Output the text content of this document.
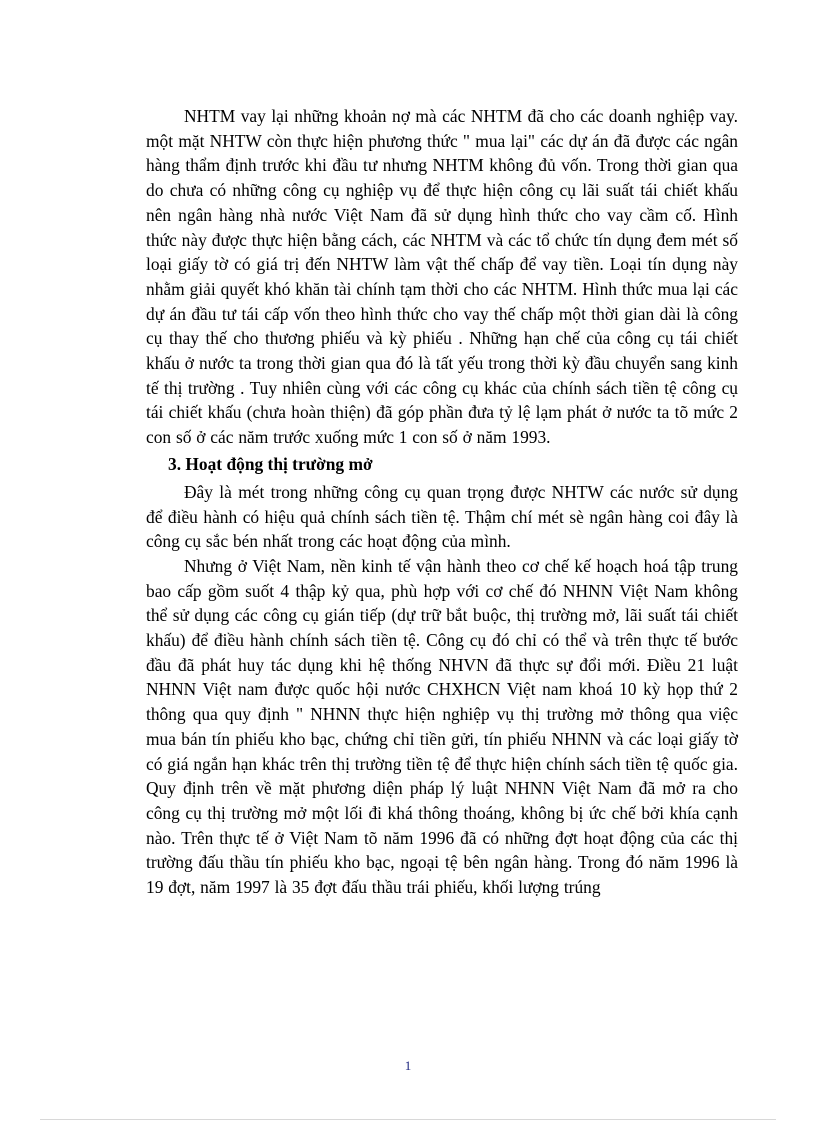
NHTM vay lại những khoản nợ mà các NHTM đã cho các doanh nghiệp vay. một mặt NHTW còn thực hiện phương thức " mua lại" các dự án đã được các ngân hàng thẩm định trước khi đầu tư nhưng NHTM không đủ vốn. Trong thời gian qua do chưa có những công cụ nghiệp vụ để thực hiện công cụ lãi suất tái chiết khấu nên ngân hàng nhà nước Việt Nam đã sử dụng hình thức cho vay cầm cố. Hình thức này được thực hiện bằng cách, các NHTM và các tổ chức tín dụng đem mét số loại giấy tờ có giá trị đến NHTW làm vật thế chấp để vay tiền. Loại tín dụng này nhằm giải quyết khó khăn tài chính tạm thời cho các NHTM. Hình thức mua lại các dự án đầu tư tái cấp vốn theo hình thức cho vay thế chấp một thời gian dài là công cụ thay thế cho thương phiếu và kỳ phiếu . Những hạn chế của công cụ tái chiết khấu ở nước ta trong thời gian qua đó là tất yếu trong thời kỳ đầu chuyển sang kinh tế thị trường . Tuy nhiên cùng với các công cụ khác của chính sách tiền tệ công cụ tái chiết khấu (chưa hoàn thiện) đã góp phần đưa tỷ lệ lạm phát ở nước ta tõ mức 2 con số ở các năm trước xuống mức 1 con số ở năm 1993.

3. Hoạt động thị trường mở

Đây là mét trong những công cụ quan trọng được NHTW các nước sử dụng để điều hành có hiệu quả chính sách tiền tệ. Thậm chí mét sè ngân hàng coi đây là công cụ sắc bén nhất trong các hoạt động của mình.

Nhưng ở Việt Nam, nền kinh tế vận hành theo cơ chế kế hoạch hoá tập trung bao cấp gồm suốt 4 thập kỷ qua, phù hợp với cơ chế đó NHNN Việt Nam không thể sử dụng các công cụ gián tiếp (dự trữ bắt buộc, thị trường mở, lãi suất tái chiết khấu) để điều hành chính sách tiền tệ. Công cụ đó chỉ có thể và trên thực tế bước đầu đã phát huy tác dụng khi hệ thống NHVN đã thực sự đổi mới. Điều 21 luật NHNN Việt nam được quốc hội nước CHXHCN Việt nam khoá 10 kỳ họp thứ 2 thông qua quy định " NHNN thực hiện nghiệp vụ thị trường mở thông qua việc mua bán tín phiếu kho bạc, chứng chỉ tiền gửi, tín phiếu NHNN và các loại giấy tờ có giá ngắn hạn khác trên thị trường tiền tệ để thực hiện chính sách tiền tệ quốc gia. Quy định trên về mặt phương diện pháp lý luật NHNN Việt Nam đã mở ra cho công cụ thị trường mở một lối đi khá thông thoáng, không bị ức chế bởi khía cạnh nào. Trên thực tế ở Việt Nam tõ năm 1996 đã có những đợt hoạt động của các thị trường đấu thầu tín phiếu kho bạc, ngoại tệ bên ngân hàng. Trong đó năm 1996 là 19 đợt, năm 1997 là 35 đợt đấu thầu trái phiếu, khối lượng trúng

1
